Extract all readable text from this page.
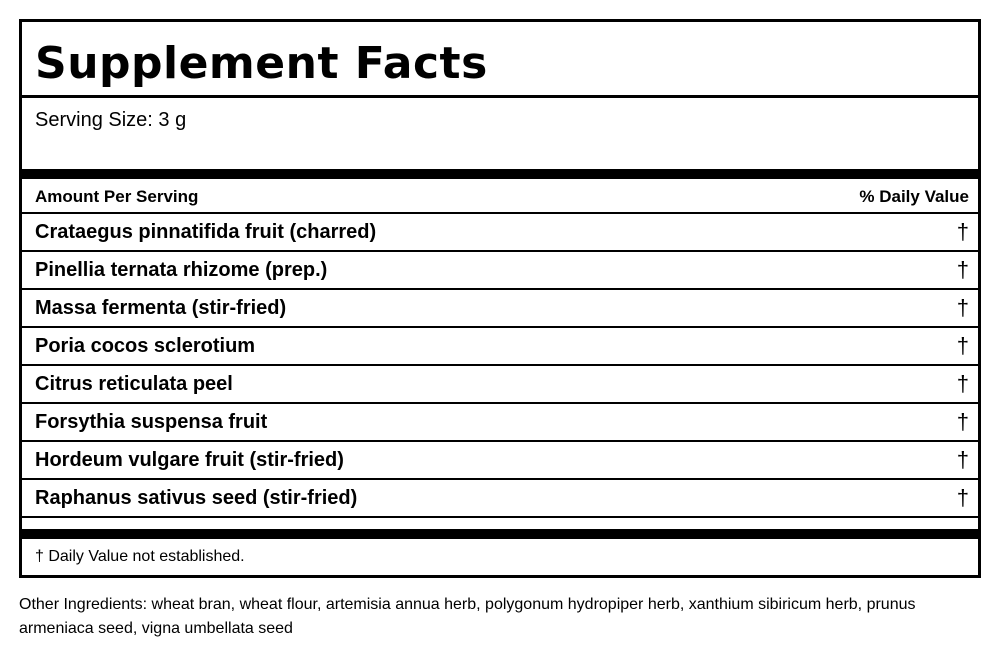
Supplement Facts
Serving Size: 3 g
Amount Per Serving	% Daily Value
Crataegus pinnatifida fruit (charred)	†
Pinellia ternata rhizome (prep.)	†
Massa fermenta (stir-fried)	†
Poria cocos sclerotium	†
Citrus reticulata peel	†
Forsythia suspensa fruit	†
Hordeum vulgare fruit (stir-fried)	†
Raphanus sativus seed (stir-fried)	†
† Daily Value not established.
Other Ingredients: wheat bran, wheat flour, artemisia annua herb, polygonum hydropiper herb, xanthium sibiricum herb, prunus armeniaca seed, vigna umbellata seed
